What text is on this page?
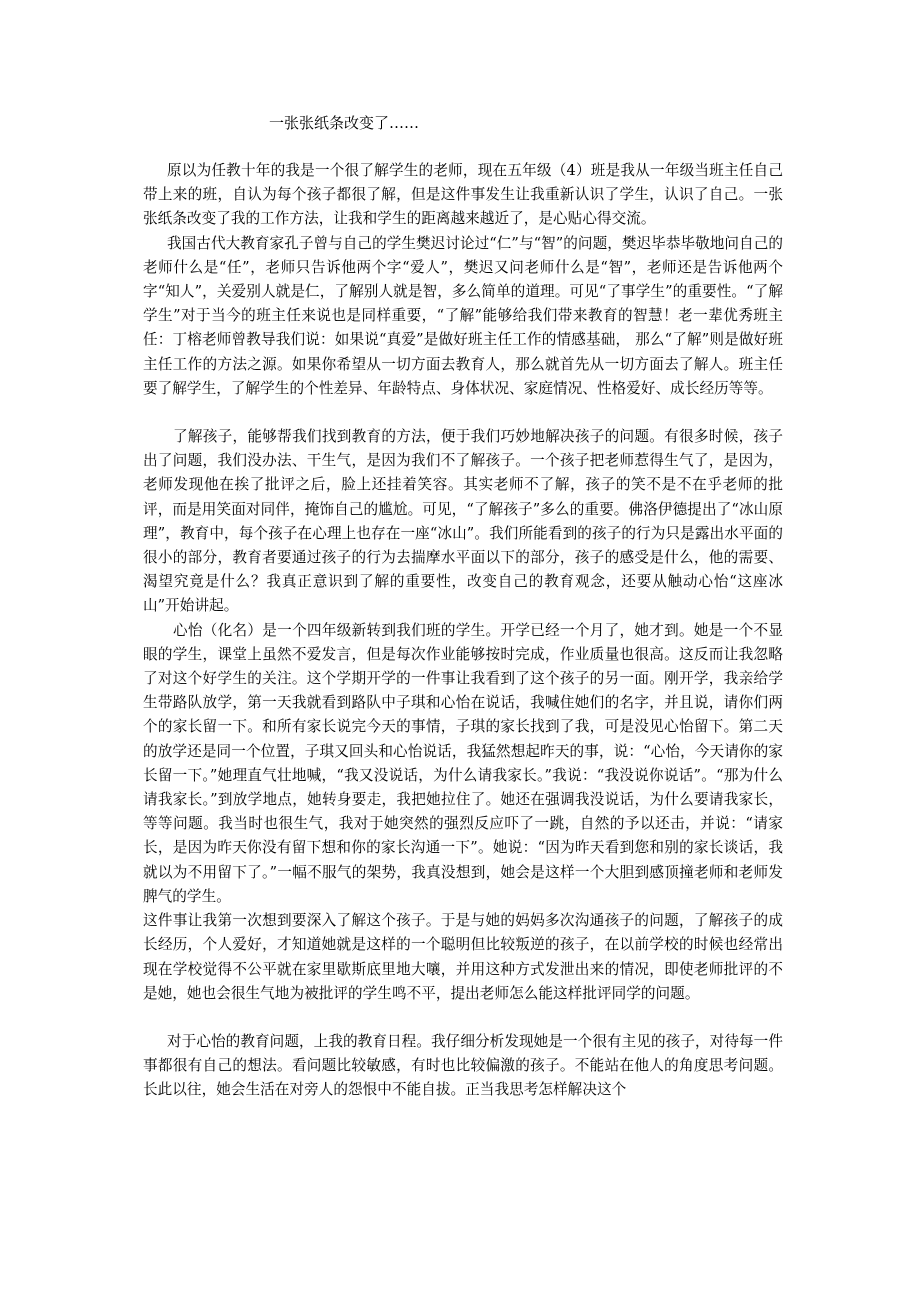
一张张纸条改变了……

原以为任教十年的我是一个很了解学生的老师，现在五年级（4）班是我从一年级当班主任自己带上来的班，自认为每个孩子都很了解，但是这件事发生让我重新认识了学生，认识了自己。一张张纸条改变了我的工作方法，让我和学生的距离越来越近了，是心贴心得交流。

我国古代大教育家孔子曾与自己的学生樊迟讨论过“仁”与“智”的问题，樊迟毕恭毕敬地问自己的老师什么是“任”，老师只告诉他两个字“爱人”，樊迟又问老师什么是“智”，老师还是告诉他两个字“知人”，关爱别人就是仁，了解别人就是智，多么简单的道理。可见“了事学生”的重要性。“了解学生”对于当今的班主任来说也是同样重要，“了解”能够给我们带来教育的智慧！老一辈优秀班主任：丁榕老师曾教导我们说：如果说“真爱”是做好班主任工作的情感基础， 那么“了解”则是做好班主任工作的方法之源。如果你希望从一切方面去教育人，那么就首先从一切方面去了解人。班主任要了解学生，了解学生的个性差异、年龄特点、身体状况、家庭情况、性格爱好、成长经历等等。

了解孩子，能够帮我们找到教育的方法，便于我们巧妙地解决孩子的问题。有很多时候，孩子出了问题，我们没办法、干生气，是因为我们不了解孩子。一个孩子把老师惹得生气了，是因为，老师发现他在挨了批评之后，脸上还挂着笑容。其实老师不了解，孩子的笑不是不在乎老师的批评，而是用笑面对同伴，掩饰自己的尴尬。可见，“了解孩子”多么的重要。佛洛伊德提出了“冰山原理”，教育中，每个孩子在心理上也存在一座“冰山”。我们所能看到的孩子的行为只是露出水平面的很小的部分，教育者要通过孩子的行为去揣摩水平面以下的部分，孩子的感受是什么，他的需要、渴望究竟是什么？我真正意识到了解的重要性，改变自己的教育观念，还要从触动心怡“这座冰山”开始讲起。

心怡（化名）是一个四年级新转到我们班的学生。开学已经一个月了，她才到。她是一个不显眼的学生，课堂上虽然不爱发言，但是每次作业能够按时完成，作业质量也很高。这反而让我忽略了对这个好学生的关注。这个学期开学的一件事让我看到了这个孩子的另一面。刚开学，我亲给学生带路队放学，第一天我就看到路队中子琪和心怡在说话，我喊住她们的名字，并且说，请你们两个的家长留一下。和所有家长说完今天的事情，子琪的家长找到了我，可是没见心怡留下。第二天的放学还是同一个位置，子琪又回头和心怡说话，我猛然想起昨天的事，说：“心怡，今天请你的家长留一下。”她理直气壮地喊，“我又没说话，为什么请我家长。”我说：“我没说你说话”。“那为什么请我家长。”到放学地点，她转身要走，我把她拉住了。她还在强调我没说话，为什么要请我家长，等等问题。我当时也很生气，我对于她突然的强烈反应吓了一跳，自然的予以还击，并说：“请家长，是因为昨天你没有留下想和你的家长沟通一下”。她说：“因为昨天看到您和别的家长谈话，我就以为不用留下了。”一幅不服气的架势，我真没想到，她会是这样一个大胆到感顶撞老师和老师发脾气的学生。

这件事让我第一次想到要深入了解这个孩子。于是与她的妈妈多次沟通孩子的问题，了解孩子的成长经历，个人爱好，才知道她就是这样的一个聪明但比较叛逆的孩子，在以前学校的时候也经常出现在学校觉得不公平就在家里歇斯底里地大嚷，并用这种方式发泄出来的情况，即使老师批评的不是她，她也会很生气地为被批评的学生鸣不平，提出老师怎么能这样批评同学的问题。

对于心怡的教育问题，上我的教育日程。我仔细分析发现她是一个很有主见的孩子，对待每一件事都很有自己的想法。看问题比较敏感，有时也比较偏激的孩子。不能站在他人的角度思考问题。长此以往，她会生活在对旁人的怨恨中不能自拔。正当我思考怎样解决这个
